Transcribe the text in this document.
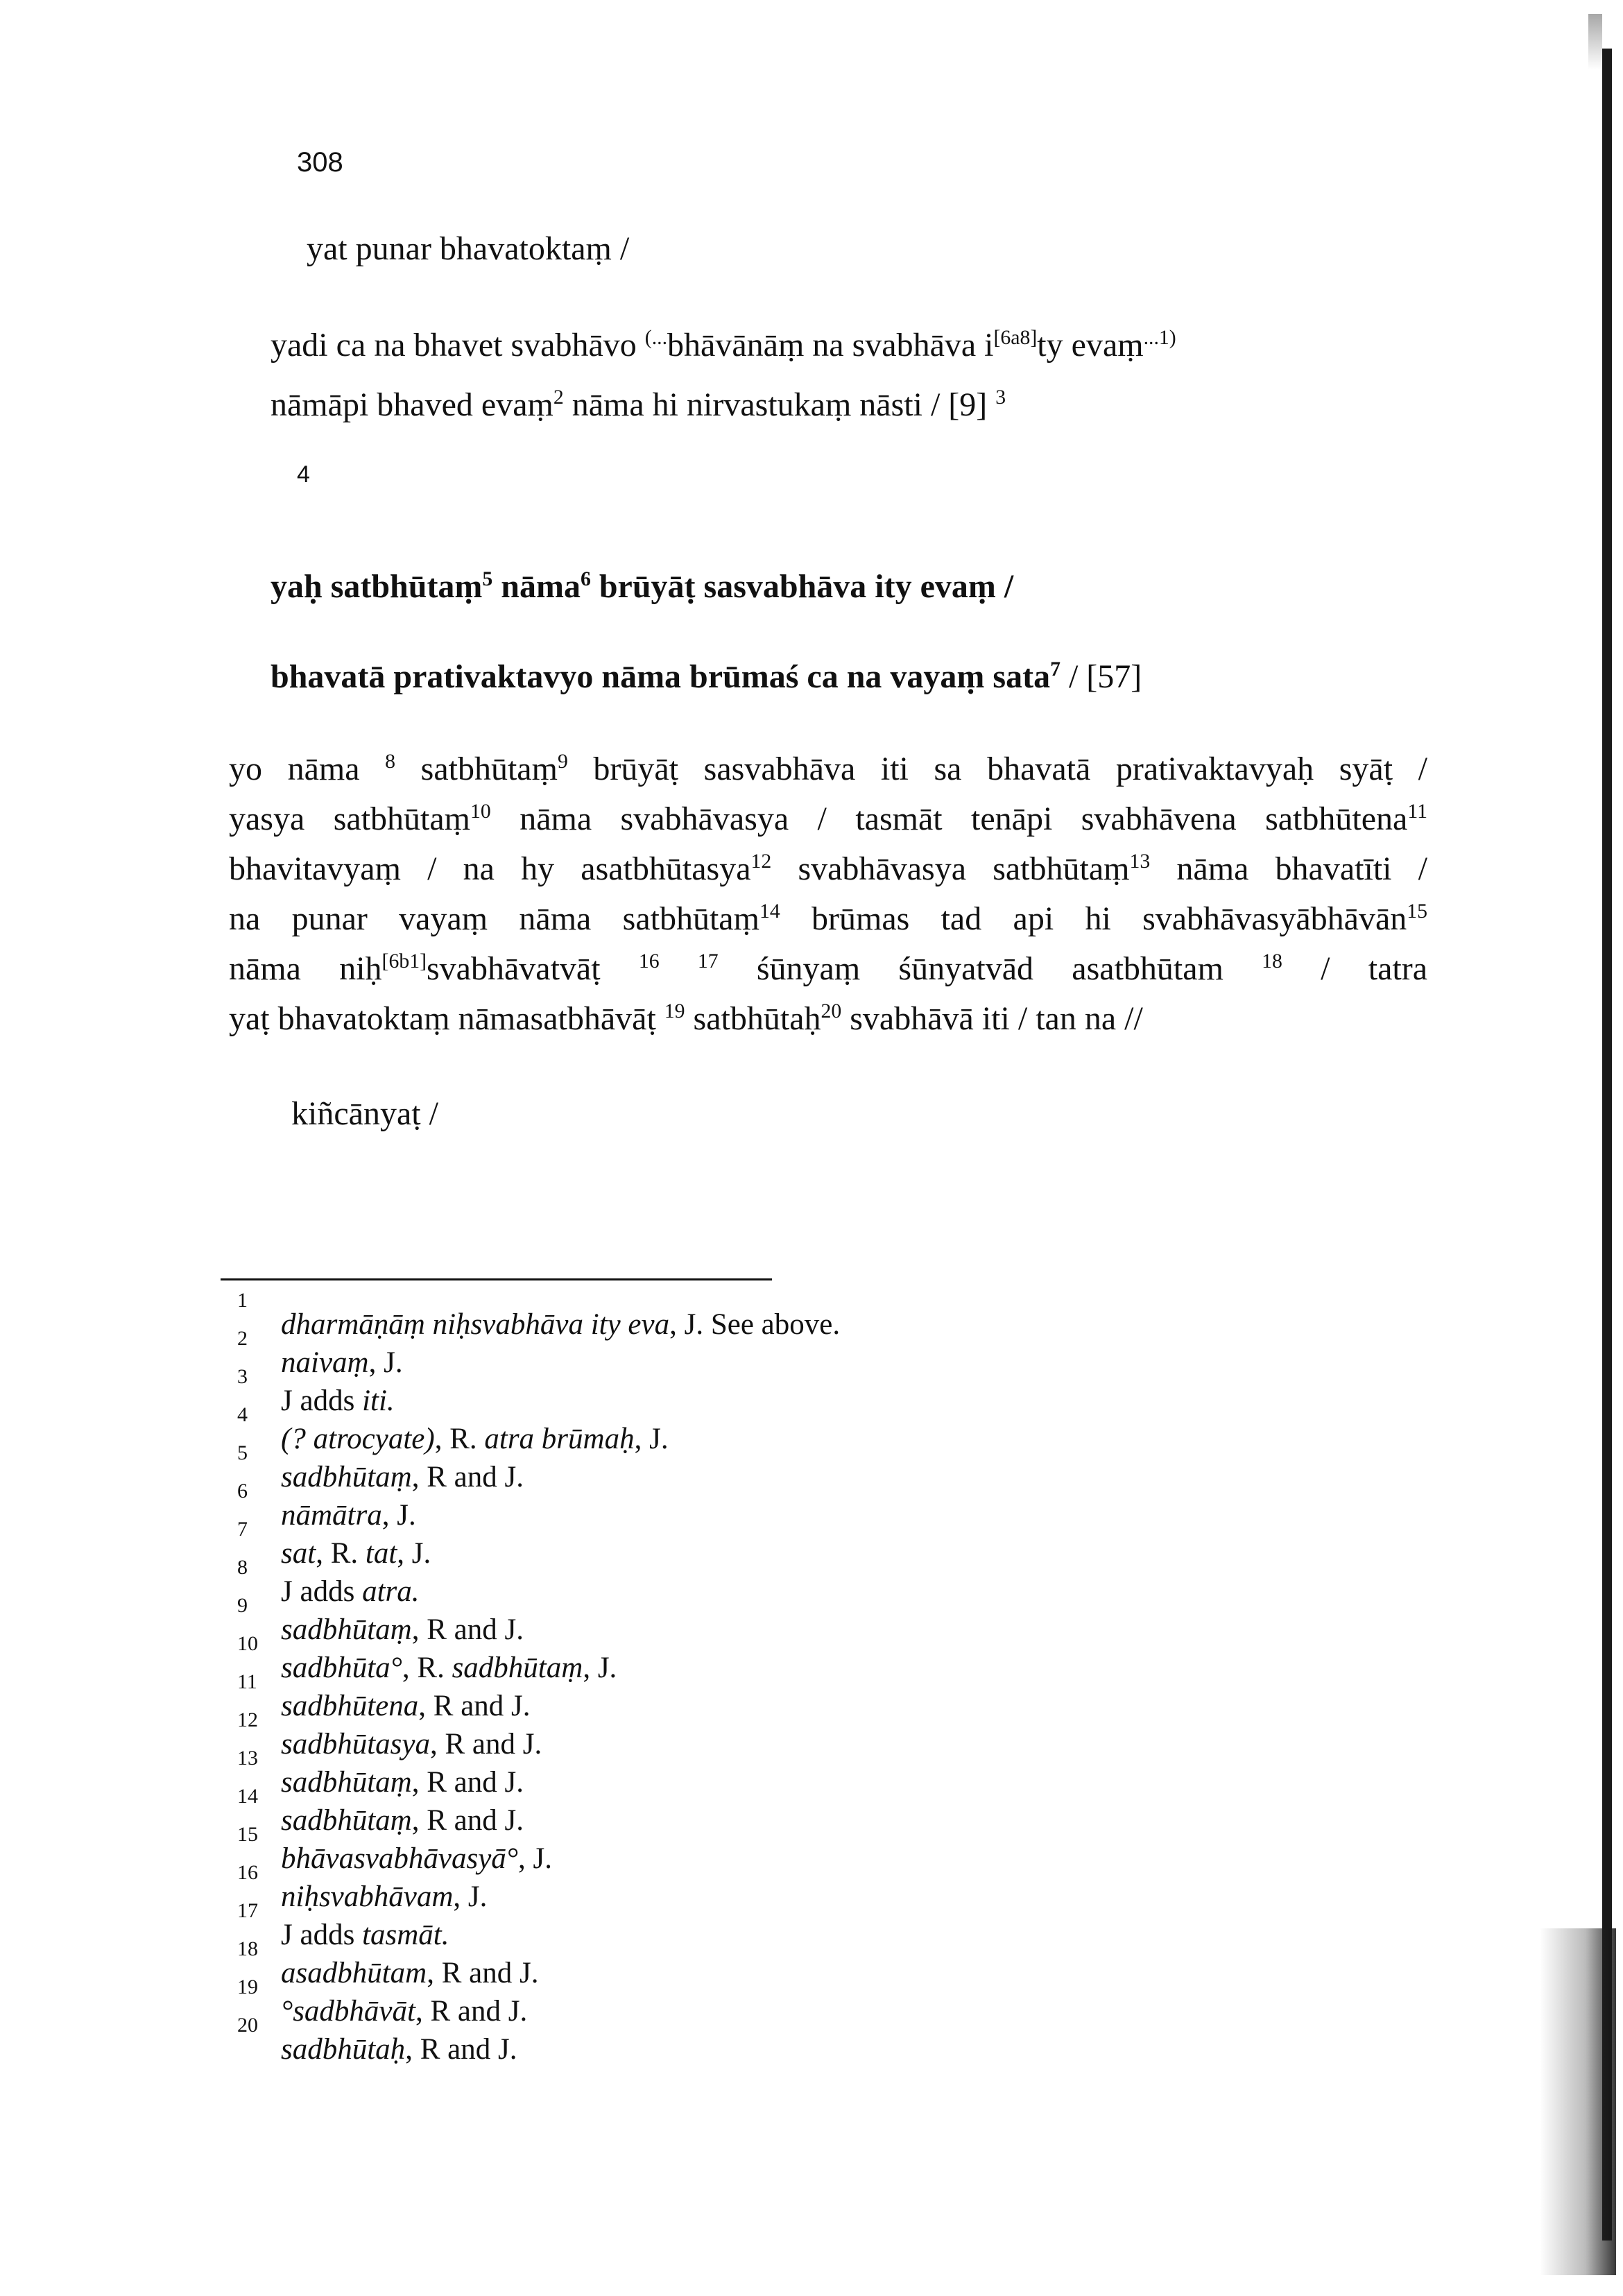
308
yat punar bhavatoktaṃ /
yadi ca na bhavet svabhāvo (...bhāvānāṃ na svabhāva i[6a8]ty evaṃ$^{...1)}$
nāmāpi bhaved evaṃ$^2$ nāma hi nirvastukaṃ nāsti / [9] $^3$
4
yaḥ satbhūtaṃ$^5$ nāma$^6$ brūyāṭ sasvabhāva ity evaṃ /
bhavatā prativaktavyo nāma brūmaś ca na vayaṃ sata$^7$ / [57]
yo nāma $^8$ satbhūtaṃ$^9$ brūyāṭ sasvabhāva iti sa bhavatā prativaktavyaḥ syāṭ /
yasya satbhūtaṃ$^{10}$ nāma svabhāvasya / tasmāt tenāpi svabhāvena satbhūtena$^{11}$
bhavitavyaṃ / na hy asatbhūtasya$^{12}$ svabhāvasya satbhūtaṃ$^{13}$ nāma bhavatīti /
na punar vayaṃ nāma satbhūtaṃ$^{14}$ brūmas tad api hi svabhāvasyābhāvān$^{15}$
nāma niḥ[6b1]svabhāvatvāṭ $^{16}$ $^{17}$ śūnyaṃ śūnyatvād asatbhūtam $^{18}$ / tatra
yaṭ bhavatoktaṃ nāmasatbhāvāṭ $^{19}$ satbhūtaḥ$^{20}$ svabhāvā iti / tan na //
kiñcānyaṭ /
1
dharmāṇāṃ niḥsvabhāva ity eva, J. See above.
2
naivaṃ, J.
3
J adds iti.
4
(? atrocyate), R. atra brūmaḥ, J.
5
sadbhūtaṃ, R and J.
6
nāmātra, J.
7
sat, R. tat, J.
8
J adds atra.
9
sadbhūtaṃ, R and J.
10
sadbhūta°, R. sadbhūtaṃ, J.
11
sadbhūtena, R and J.
12
sadbhūtasya, R and J.
13
sadbhūtaṃ, R and J.
14
sadbhūtaṃ, R and J.
15
bhāvasvabhāvasyā°, J.
16
niḥsvabhāvam, J.
17
J adds tasmāt.
18
asadbhūtam, R and J.
19
°sadbhāvāt, R and J.
20
sadbhūtaḥ, R and J.
